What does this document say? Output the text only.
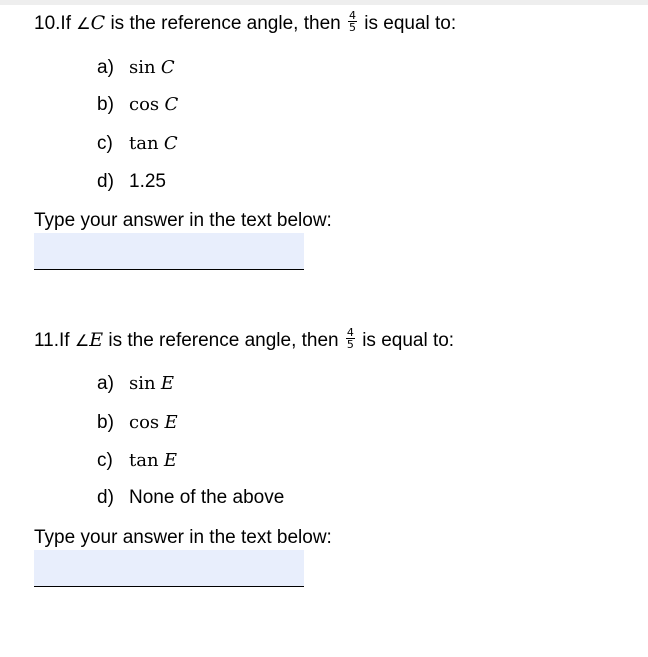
10.If ∠C is the reference angle, then $\frac{4}{5}$ is equal to:
a) sin C
b) cos C
c) tan C
d) 1.25
Type your answer in the text below:
11.If ∠E is the reference angle, then $\frac{4}{5}$ is equal to:
a) sin E
b) cos E
c) tan E
d) None of the above
Type your answer in the text below:
